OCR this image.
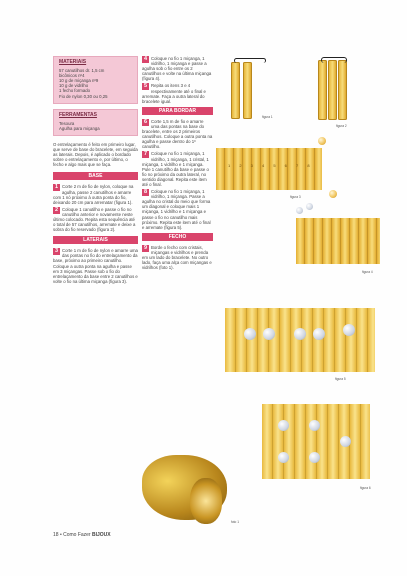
MATERIAIS
57 canutilhos dr. 1,5 cm
bicônicos nº4
10 g de miçanga nº9
10 g de vidrilho
1 fecho formado
Fio de nylon 0,30 ou 0,25
FERRAMENTAS
Tesoura
Agulha para miçanga
O entrelaçamento é feito em primeiro lugar, que serve de base do bracelete, em seguida as laterais. Depois, é aplicado o bordado sobre o entrelaçamento e, por último, o fecho e algo mais que se faça.
BASE
1 Corte 2 m de fio de nylon, coloque na agulha, passe 2 canutilhos e amarre com 1 nó próximo à outra ponta do fio, deixando 20 cm para arrematar (figura 1).
2 Coloque 1 canutilho e passe o fio no canutilho anterior e novamente neste último colocado. Repita esta sequência até o total de 57 canutilhos, arremate e deixe a sobra do fio reservado (figura 2).
LATERAIS
3 Corte 1 m de fio de nylon e amarre uma das pontas no fio do entrelaçamento da base, próximo ao primeiro canutilho. Coloque a outra ponta na agulha e passe em 3 miçangas. Passe sob o fio do entrelaçamento da base entre 2 canutilhos e volte o fio na última miçanga (figura 3).
4 Coloque no fio 1 miçanga, 1 vidrilho, 1 miçanga e passe a agulha sob o fio entre os 2 canutilhos e volte na última miçanga (figura 4).
5 Repita os itens 3 e 4 respectivamente até o final e arremate. Faça a outra lateral do bracelete igual.
PARA BORDAR
6 Corte 1,5 m de fio e amarre uma das pontas na base do bracelete, entre os 2 primeiros canutilhos. Coloque a outra ponta na agulha e passe dentro do 1º canutilho.
7 Coloque no fio 1 miçanga, 1 vidrilho, 1 miçanga, 1 cristal, 1 miçanga, 1 vidrilho e 1 miçanga. Pule 1 canutilho da base e passe o fio no próximo da outra lateral, no sentido diagonal. Repita este item até o final.
8 Coloque no fio 1 miçanga, 1 vidrilho, 1 miçanga. Passe a agulha no cristal do meio que forma um diagonal e coloque mais 1 miçanga, 1 vidrilho e 1 miçanga e passe o fio no canutilho mais próximo. Repita este item até o final e arremate (figura 5).
FECHO
9 Borde o fecho com cristais, miçangas e vidrilhos e prenda em um lado do bracelete. No outro lado, faça uma alça com miçangas e vidrilhos (foto 1).

figura 1
figura 2
1 2 3 4 5 6 7 8
figura 3
figura 4
figura 5
figura 6
foto 1
18 • Como Fazer BIJOUX
